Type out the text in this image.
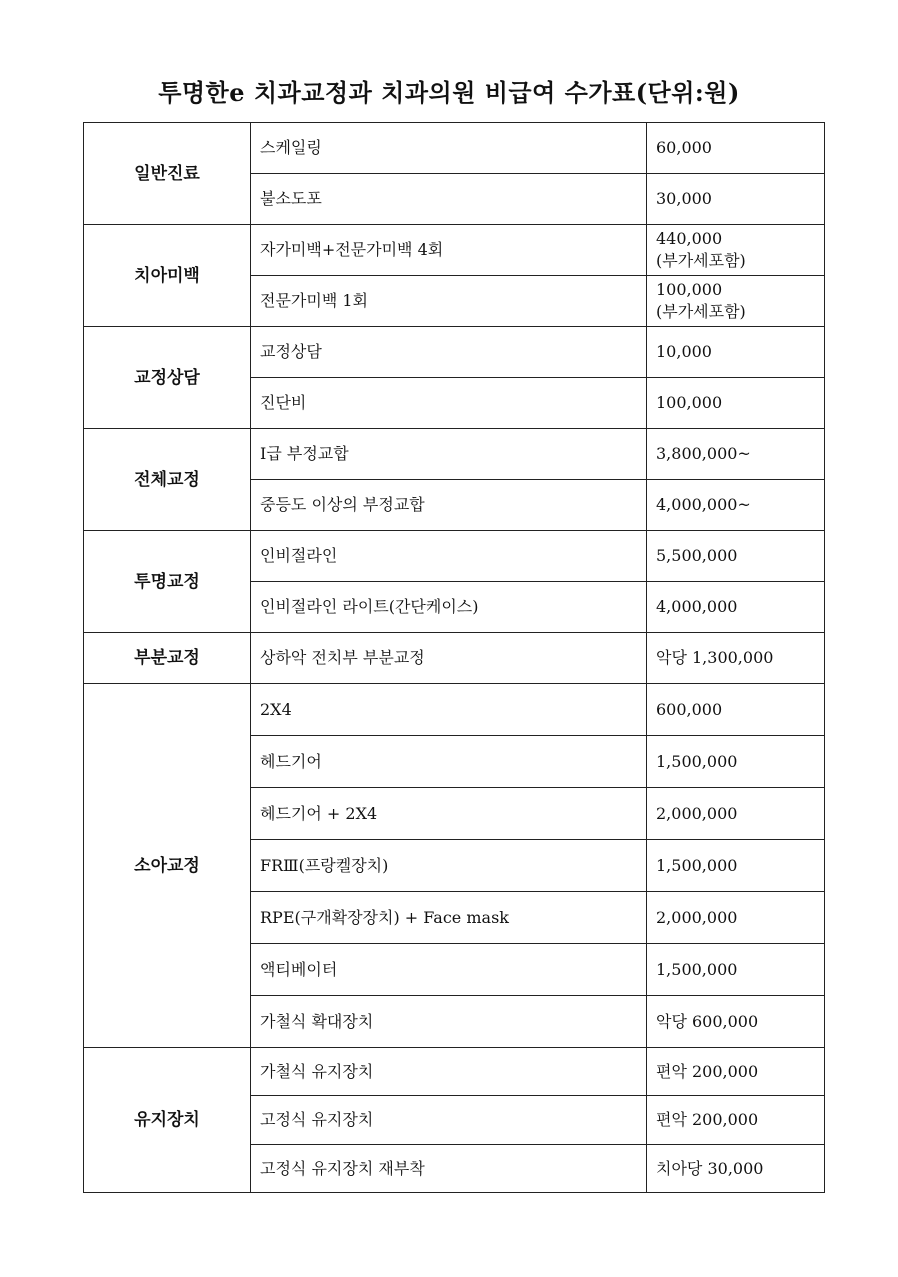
투명한e 치과교정과 치과의원 비급여 수가표(단위:원)
일반진료	스케일링	60,000
	불소도포	30,000
치아미백	자가미백+전문가미백 4회	440,000
(부가세포함)

	전문가미백 1회	100,000
(부가세포함)

교정상담	교정상담	10,000
	진단비	100,000
전체교정	Ⅰ급 부정교합	3,800,000~
	중등도 이상의 부정교합	4,000,000~
투명교정	인비절라인	5,500,000
	인비절라인 라이트(간단케이스)	4,000,000
부분교정	상하악 전치부 부분교정	악당 1,300,000
소아교정	2X4	600,000
	헤드기어	1,500,000
	헤드기어 + 2X4	2,000,000
	FRⅢ(프랑켈장치)	1,500,000
	RPE(구개확장장치) + Face mask	2,000,000
	액티베이터	1,500,000
	가철식 확대장치	악당 600,000
유지장치	가철식 유지장치	편악 200,000
	고정식 유지장치	편악 200,000
	고정식 유지장치 재부착	치아당 30,000
